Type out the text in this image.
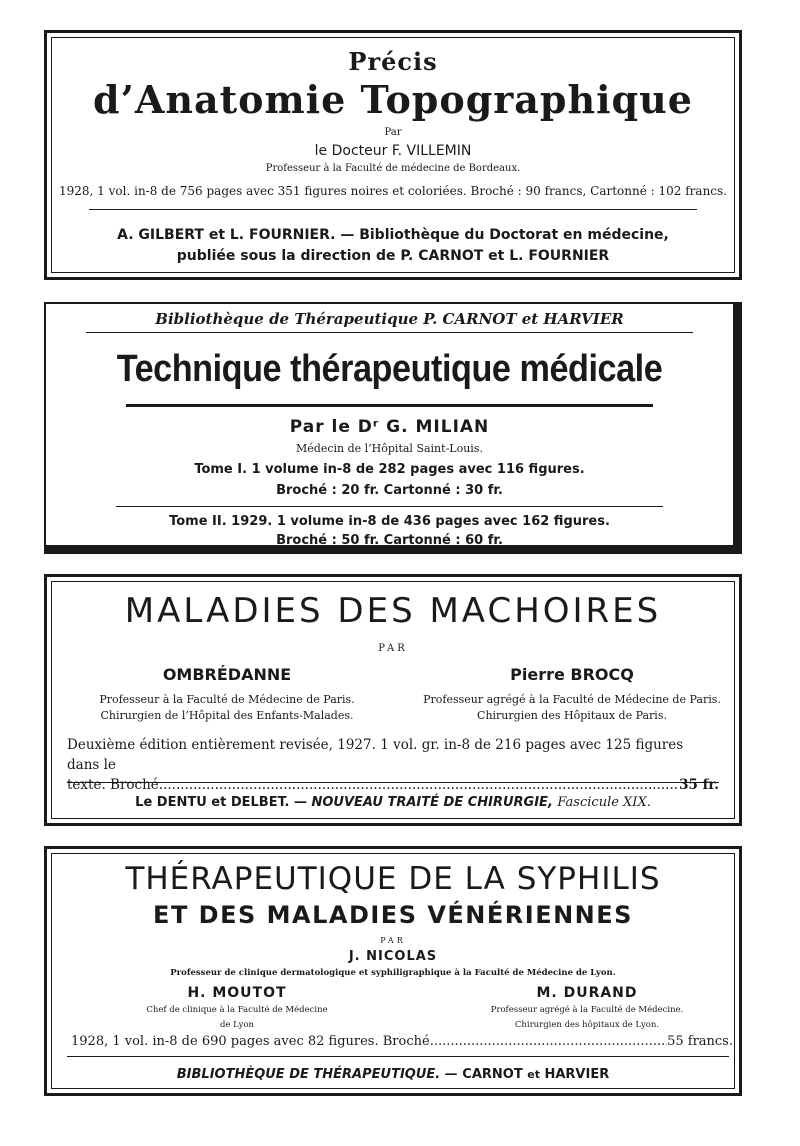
Précis
d’Anatomie Topographique
Par
le Docteur F. VILLEMIN
Professeur à la Faculté de médecine de Bordeaux.
1928, 1 vol. in-8 de 756 pages avec 351 figures noires et coloriées. Broché : 90 francs, Cartonné : 102 francs.
A. GILBERT et L. FOURNIER. — Bibliothèque du Doctorat en médecine,
publiée sous la direction de P. CARNOT et L. FOURNIER
Bibliothèque de Thérapeutique P. CARNOT et HARVIER
Technique thérapeutique médicale
Par le Dʳ G. MILIAN
Médecin de l’Hôpital Saint-Louis.
Tome I. 1 volume in-8 de 282 pages avec 116 figures.
Broché : 20 fr. Cartonné : 30 fr.
Tome II. 1929. 1 volume in-8 de 436 pages avec 162 figures.
Broché : 50 fr. Cartonné : 60 fr.
MALADIES DES MACHOIRES
PAR
OMBRÉDANNE
Professeur à la Faculté de Médecine de Paris.
Chirurgien de l’Hôpital des Enfants-Malades.
Pierre BROCQ
Professeur agrégé à la Faculté de Médecine de Paris.
Chirurgien des Hôpitaux de Paris.
Deuxième édition entièrement revisée, 1927. 1 vol. gr. in-8 de 216 pages avec 125 figures dans le
texte. Broché .....	35 fr.
Le DENTU et DELBET. — NOUVEAU TRAITÉ DE CHIRURGIE, Fascicule XIX.
THÉRAPEUTIQUE DE LA SYPHILIS
ET DES MALADIES VÉNÉRIENNES
PAR
J. NICOLAS
Professeur de clinique dermatologique et syphiligraphique à la Faculté de Médecine de Lyon.
H. MOUTOT
Chef de clinique à la Faculté de Médecine
de Lyon
M. DURAND
Professeur agrégé à la Faculté de Médecine.
Chirurgien des hôpitaux de Lyon.
1928, 1 vol. in-8 de 690 pages avec 82 figures. Broché .....	55 francs.
BIBLIOTHÈQUE DE THÉRAPEUTIQUE. — CARNOT et HARVIER
